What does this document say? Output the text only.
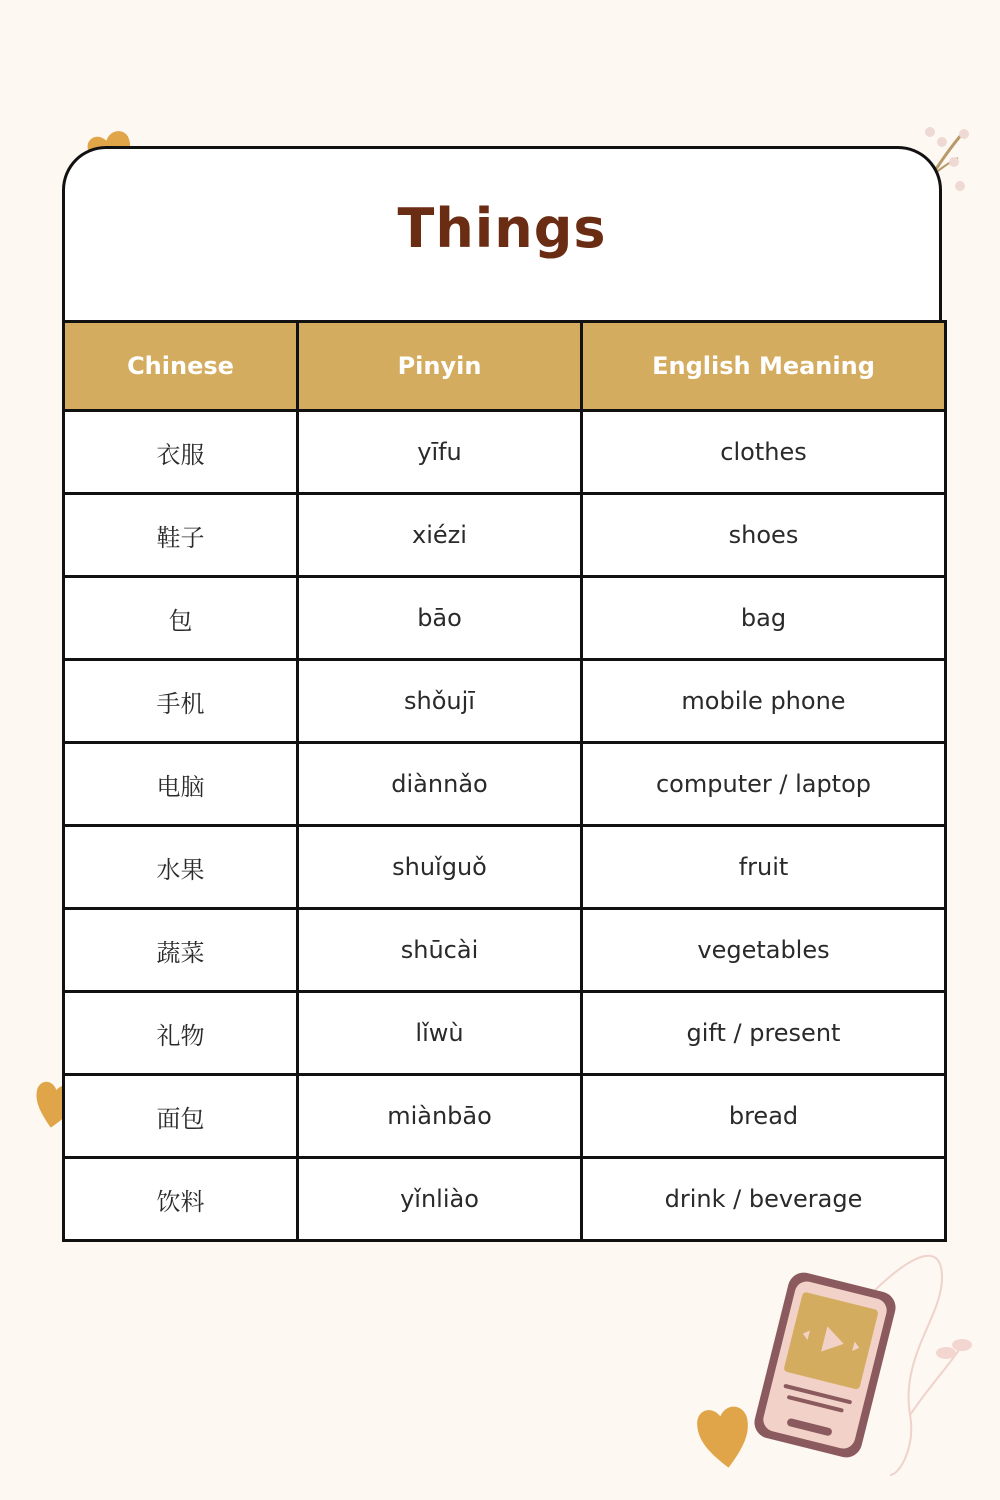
Things
Chinese	Pinyin	English Meaning
衣服	yīfu	clothes
鞋子	xiézi	shoes
包	bāo	bag
手机	shǒujī	mobile phone
电脑	diànnǎo	computer / laptop
水果	shuǐguǒ	fruit
蔬菜	shūcài	vegetables
礼物	lǐwù	gift / present
面包	miànbāo	bread
饮料	yǐnliào	drink / beverage
